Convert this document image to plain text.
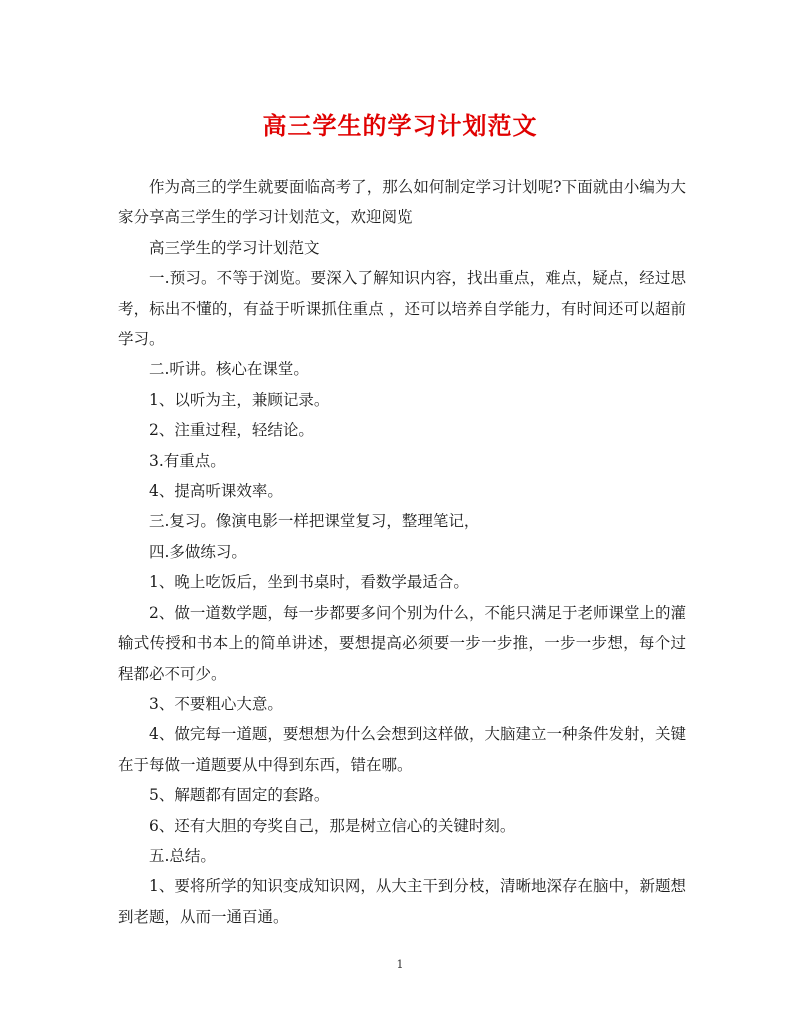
高三学生的学习计划范文

作为高三的学生就要面临高考了，那么如何制定学习计划呢?下面就由小编为大家分享高三学生的学习计划范文，欢迎阅览

高三学生的学习计划范文

一.预习。不等于浏览。要深入了解知识内容，找出重点，难点，疑点，经过思考，标出不懂的，有益于听课抓住重点 ，还可以培养自学能力，有时间还可以超前学习。

二.听讲。核心在课堂。

1、以听为主，兼顾记录。

2、注重过程，轻结论。

3.有重点。

4、提高听课效率。

三.复习。像演电影一样把课堂复习，整理笔记，

四.多做练习。

1、晚上吃饭后，坐到书桌时，看数学最适合。

2、做一道数学题，每一步都要多问个别为什么，不能只满足于老师课堂上的灌输式传授和书本上的简单讲述，要想提高必须要一步一步推，一步一步想，每个过程都必不可少。

3、不要粗心大意。

4、做完每一道题，要想想为什么会想到这样做，大脑建立一种条件发射，关键在于每做一道题要从中得到东西，错在哪。

5、解题都有固定的套路。

6、还有大胆的夸奖自己，那是树立信心的关键时刻。

五.总结。

1、要将所学的知识变成知识网，从大主干到分枝，清晰地深存在脑中，新题想到老题，从而一通百通。

1
